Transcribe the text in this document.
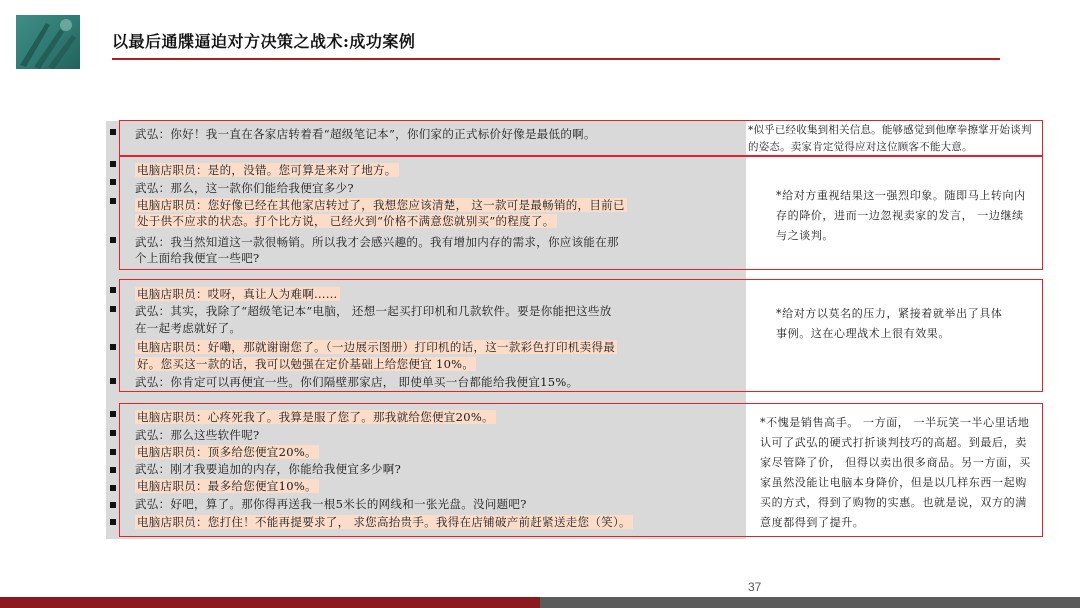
以最后通牒逼迫对方决策之战术:成功案例
武弘：你好！我一直在各家店转着看“超级笔记本”，你们家的正式标价好像是最低的啊。	*似乎已经收集到相关信息。能够感觉到他摩拳擦掌开始谈判的姿态。卖家肯定觉得应对这位顾客不能大意。
电脑店职员：是的，没错。您可算是来对了地方。
武弘：那么，这一款你们能给我便宜多少?
电脑店职员：您好像已经在其他家店转过了，我想您应该清楚， 这一款可是最畅销的，目前已
处于供不应求的状态。打个比方说， 已经火到“价格不满意您就别买”的程度了。
武弘：我当然知道这一款很畅销。所以我才会感兴趣的。我有增加内存的需求，你应该能在那
个上面给我便宜一些吧?
*给对方重视结果这一强烈印象。随即马上转向内存的降价，进而一边忽视卖家的发言， 一边继续与之谈判。
电脑店职员：哎呀，真让人为难啊……
武弘：其实，我除了“超级笔记本”电脑， 还想一起买打印机和几款软件。要是你能把这些放
在一起考虑就好了。
电脑店职员：好嘞，那就谢谢您了。（一边展示图册）打印机的话，这一款彩色打印机卖得最
好。您买这一款的话，我可以勉强在定价基础上给您便宜 10%。
武弘：你肯定可以再便宜一些。你们隔壁那家店， 即使单买一台都能给我便宜15%。
*给对方以莫名的压力，紧接着就举出了具体事例。这在心理战术上很有效果。
电脑店职员：心疼死我了。我算是服了您了。那我就给您便宜20%。
武弘：那么这些软件呢?
电脑店职员：顶多给您便宜20%。
武弘：刚才我要追加的内存，你能给我便宜多少啊?
电脑店职员：最多给您便宜10%。
武弘：好吧，算了。那你得再送我一根5米长的网线和一张光盘。没问题吧?
电脑店职员：您打住！不能再提要求了， 求您高抬贵手。我得在店铺破产前赶紧送走您（笑）。
*不愧是销售高手。 一方面， 一半玩笑一半心里话地认可了武弘的硬式打折谈判技巧的高超。到最后，卖家尽管降了价， 但得以卖出很多商品。另一方面，买家虽然没能让电脑本身降价，但是以几样东西一起购买的方式，得到了购物的实惠。也就是说，双方的满意度都得到了提升。
37
